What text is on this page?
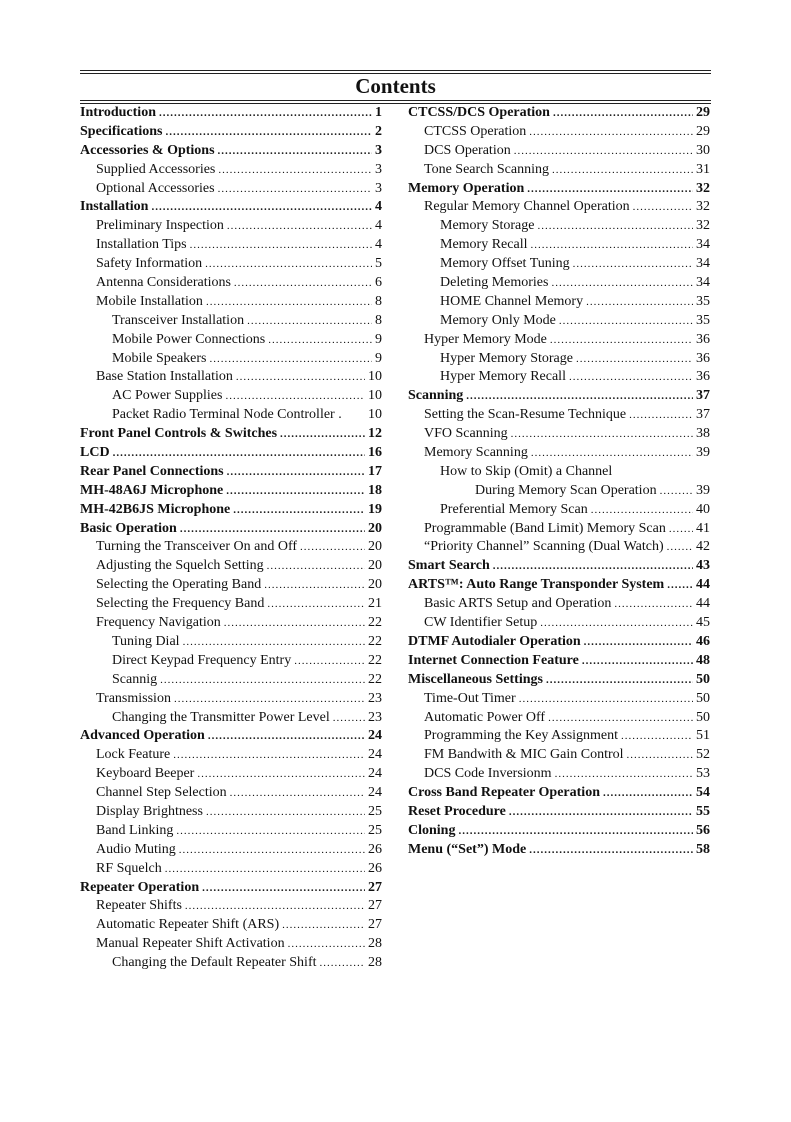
Contents
Introduction .....	1
Specifications .....	2
Accessories & Options .....	3
Supplied Accessories .....	3
Optional Accessories .....	3
Installation .....	4
Preliminary Inspection .....	4
Installation Tips .....	4
Safety Information .....	5
Antenna Considerations .....	6
Mobile Installation .....	8
Transceiver Installation .....	8
Mobile Power Connections .....	9
Mobile Speakers .....	9
Base Station Installation .....	10
AC Power Supplies .....	10
Packet Radio Terminal Node Controller . 10
Front Panel Controls & Switches .....	12
LCD .....	16
Rear Panel Connections .....	17
MH-48A6J Microphone .....	18
MH-42B6JS Microphone .....	19
Basic Operation .....	20
Turning the Transceiver On and Off .....	20
Adjusting the Squelch Setting .....	20
Selecting the Operating Band .....	20
Selecting the Frequency Band .....	21
Frequency Navigation .....	22
Tuning Dial .....	22
Direct Keypad Frequency Entry .....	22
Scannig .....	22
Transmission .....	23
Changing the Transmitter Power Level .....	23
Advanced Operation .....	24
Lock Feature .....	24
Keyboard Beeper .....	24
Channel Step Selection .....	24
Display Brightness .....	25
Band Linking .....	25
Audio Muting .....	26
RF Squelch .....	26
Repeater Operation .....	27
Repeater Shifts .....	27
Automatic Repeater Shift (ARS) .....	27
Manual Repeater Shift Activation .....	28
Changing the Default Repeater Shift .....	28
CTCSS/DCS Operation .....	29
CTCSS Operation .....	29
DCS Operation .....	30
Tone Search Scanning .....	31
Memory Operation .....	32
Regular Memory Channel Operation .....	32
Memory Storage .....	32
Memory Recall .....	34
Memory Offset Tuning .....	34
Deleting Memories .....	34
HOME Channel Memory .....	35
Memory Only Mode .....	35
Hyper Memory Mode .....	36
Hyper Memory Storage .....	36
Hyper Memory Recall .....	36
Scanning .....	37
Setting the Scan-Resume Technique .....	37
VFO Scanning .....	38
Memory Scanning .....	39
How to Skip (Omit) a Channel
During Memory Scan Operation .....	39
Preferential Memory Scan .....	40
Programmable (Band Limit) Memory Scan ..... 41
“Priority Channel” Scanning (Dual Watch) ..... 42
Smart Search .....	43
ARTS™: Auto Range Transponder System ..... 44
Basic ARTS Setup and Operation .....	44
CW Identifier Setup .....	45
DTMF Autodialer Operation .....	46
Internet Connection Feature .....	48
Miscellaneous Settings .....	50
Time-Out Timer .....	50
Automatic Power Off .....	50
Programming the Key Assignment .....	51
FM Bandwith & MIC Gain Control .....	52
DCS Code Inversionm .....	53
Cross Band Repeater Operation .....	54
Reset Procedure .....	55
Cloning .....	56
Menu (“Set”) Mode .....	58
